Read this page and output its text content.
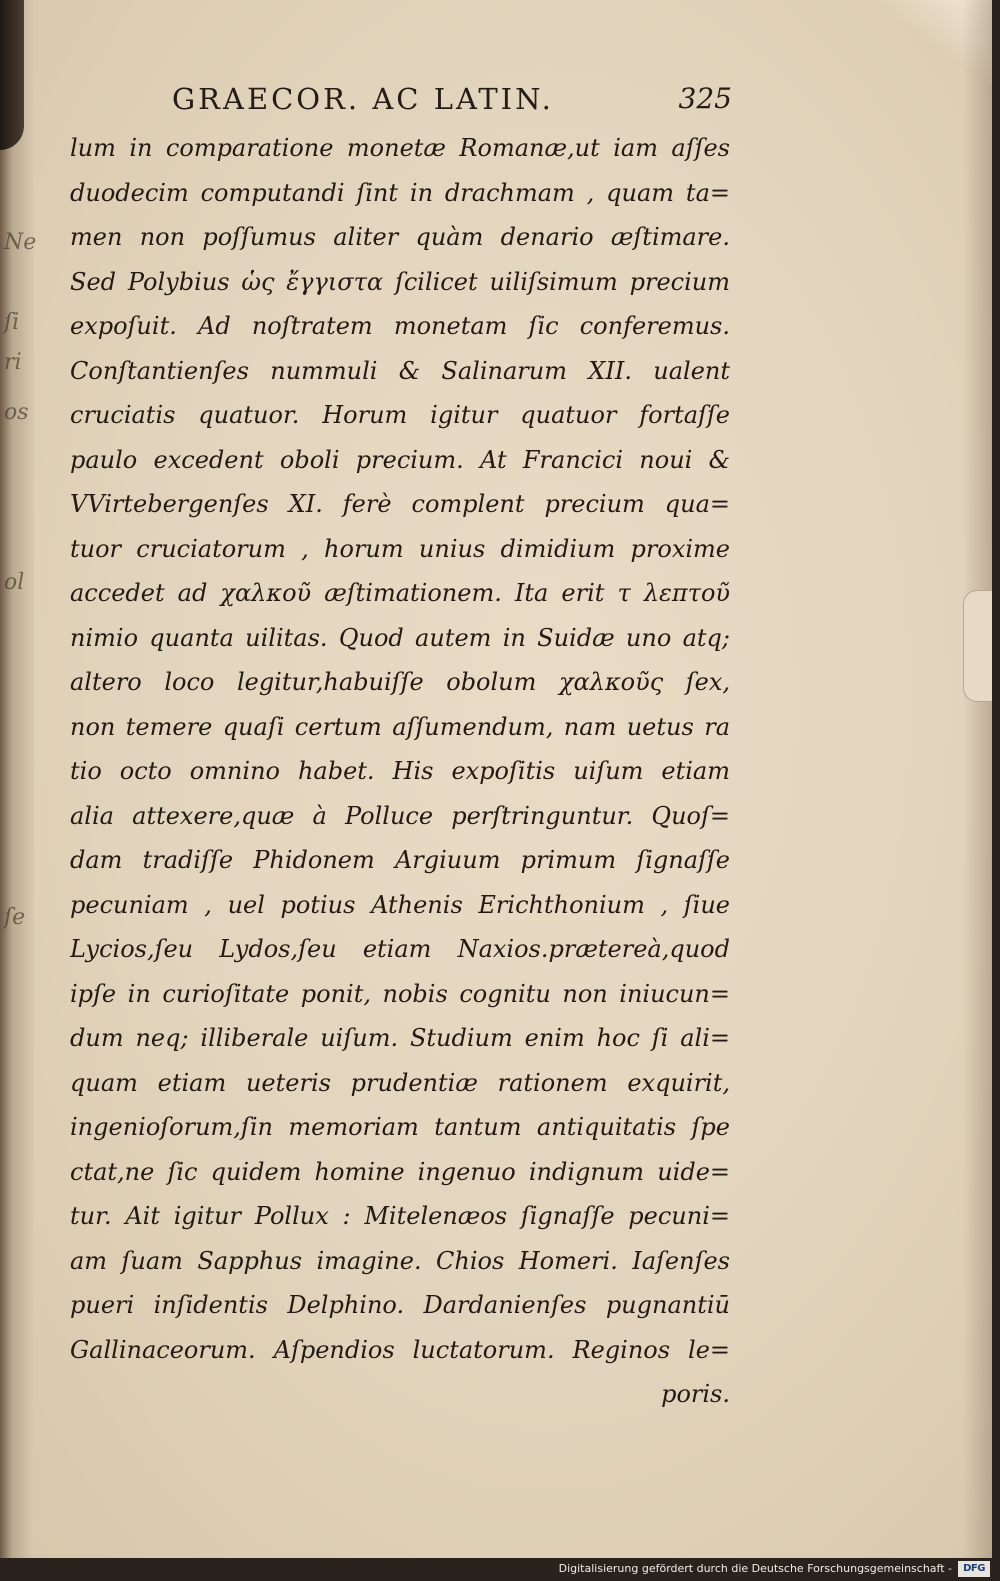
Ne
ſi
ri
os
ol
ſe
GRAECOR. AC LATIN.	325
lum in comparatione monetæ Romanæ,ut iam aſſes
duodecim computandi ſint in drachmam , quam ta=
men non poſſumus aliter quàm denario æſtimare.
Sed Polybius ὡς ἔγγιστα ſcilicet uiliſsimum precium
expoſuit. Ad noſtratem monetam ſic conferemus.
Conſtantienſes nummuli & Salinarum XII. ualent
cruciatis quatuor. Horum igitur quatuor fortaſſe
paulo excedent oboli precium. At Francici noui &
VVirtebergenſes XI. ferè complent precium qua=
tuor cruciatorum , horum unius dimidium proxime
accedet ad χαλκοῦ æſtimationem. Ita erit τ λεπτοῦ
nimio quanta uilitas. Quod autem in Suidæ uno atq;
altero loco legitur,habuiſſe obolum χαλκοῦς ſex,
non temere quaſi certum aſſumendum, nam uetus ra
tio octo omnino habet. His expoſitis uiſum etiam
alia attexere,quæ à Polluce perſtringuntur. Quoſ=
dam tradiſſe Phidonem Argiuum primum ſignaſſe
pecuniam , uel potius Athenis Erichthonium , ſiue
Lycios,ſeu Lydos,ſeu etiam Naxios.prætereà,quod
ipſe in curioſitate ponit, nobis cognitu non iniucun=
dum neq; illiberale uiſum. Studium enim hoc ſi ali=
quam etiam ueteris prudentiæ rationem exquirit,
ingenioſorum,ſin memoriam tantum antiquitatis ſpe
ctat,ne ſic quidem homine ingenuo indignum uide=
tur. Ait igitur Pollux : Mitelenæos ſignaſſe pecuni=
am ſuam Sapphus imagine. Chios Homeri. Iaſenſes
pueri inſidentis Delphino. Dardanienſes pugnantiū
Gallinaceorum. Aſpendios luctatorum. Reginos le=
poris.
Digitalisierung gefördert durch die Deutsche Forschungsgemeinschaft -	DFG
